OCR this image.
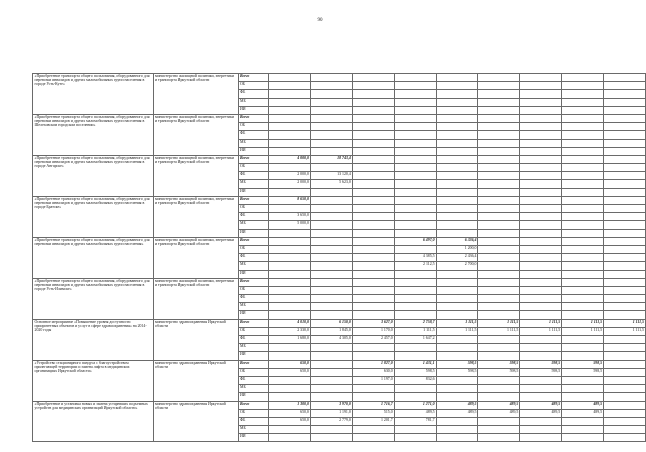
90
«Приобретение транспорта общего пользования, оборудованного для перевозки инвалидов и других маломобильных групп населения в городе Усть-Куте»	министерство жилищной политики, энергетики и транспорта Иркутской области	Всего									
		ОБ									
		ФБ									
		МБ									
		ИИ									
«Приобретение транспорта общего пользования, оборудованного для перевозки инвалидов и других маломобильных групп населения в Шелеховском городском поселении»	министерство жилищной политики, энергетики и транспорта Иркутской области	Всего									
		ОБ									
		ФБ									
		МБ									
		ИИ									
«Приобретение транспорта общего пользования, оборудованного для перевозки инвалидов и других маломобильных групп населения в городе Ангарске»	министерство жилищной политики, энергетики и транспорта Иркутской области	Всего	4 000,0	18 743,4							
		ОБ									
		ФБ	2 000,0	13 120,4							
		МБ	2 000,0	5 623,0							
		ИИ									
«Приобретение транспорта общего пользования, оборудованного для перевозки инвалидов и других маломобильных групп населения в городе Братске»	министерство жилищной политики, энергетики и транспорта Иркутской области	Всего	8 650,0								
		ОБ									
		ФБ	3 650,0								
		МБ	5 000,0								
		ИИ									
«Приобретение транспорта общего пользования, оборудованного для перевозки инвалидов и других маломобильных групп населения»	министерство жилищной политики, энергетики и транспорта Иркутской области	Всего				6 497,0	6 336,4				
		ОБ					1 200,0				
		ФБ				4 385,5	2 436,4				
		МБ				2 112,5	2 700,0				
		ИИ									
«Приобретение транспорта общего пользования, оборудованного для перевозки инвалидов и других маломобильных групп населения в городе Усть-Илимске»	министерство жилищной политики, энергетики и транспорта Иркутской области	Всего									
		ОБ									
		ФБ									
		МБ									
		ИИ									
Основное мероприятие «Повышение уровня доступности приоритетных объектов и услуг в сфере здравоохранения» на 2014-2020 годы	министерство здравоохранения Иркутской области	Всего	4 010,0	6 150,0	3 627,0	2 758,7	1 111,5	1 111,5	1 111,5	1 111,5	1 111,5
		ОБ	2 330,0	1 845,0	1 170,0	1 111,5	1 111,5	1 111,5	1 111,5	1 111,5	1 111,5
		ФБ	1 680,0	4 305,0	2 457,0	1 647,2					
		МБ									
		ИИ									
«Устройство стационарного пандуса с благоустройством прилегающей территории и замена лифта в медицинских организациях Иркутской области»	министерство здравоохранения Иркутской области	Всего	650,0		1 827,0	1 431,1	598,5	598,5	598,5	598,5	
		ОБ	650,0		630,0	598,5	598,5	598,5	598,5	598,5	
		ФБ			1 197,0	832,6					
		МБ									
		ИИ									
«Приобретение и установка новых и замена устаревших подъемных устройств для медицинских организаций Иркутской области»	министерство здравоохранения Иркутской области	Всего	1 300,0	3 970,0	1 716,7	1 271,0	489,5	489,5	489,5	489,5	
		ОБ	650,0	1 191,0	515,0	489,5	489,5	489,5	489,5	489,5	
		ФБ	650,0	2 779,0	1 201,7	781,7					
		МБ									
		ИИ									
